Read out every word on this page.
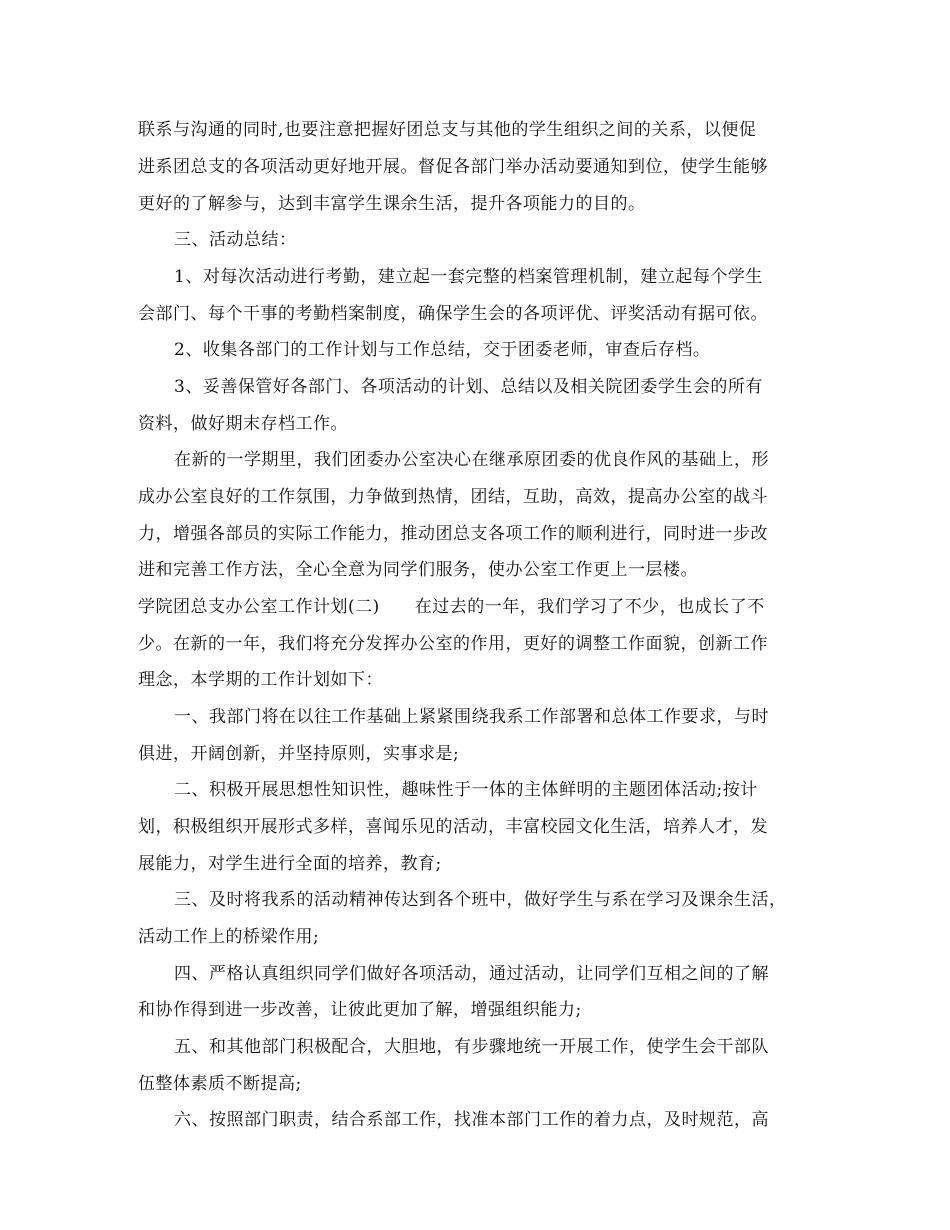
联系与沟通的同时,也要注意把握好团总支与其他的学生组织之间的关系，以便促
进系团总支的各项活动更好地开展。督促各部门举办活动要通知到位，使学生能够
更好的了解参与，达到丰富学生课余生活，提升各项能力的目的。
三、活动总结：
1、对每次活动进行考勤，建立起一套完整的档案管理机制，建立起每个学生
会部门、每个干事的考勤档案制度，确保学生会的各项评优、评奖活动有据可依。
2、收集各部门的工作计划与工作总结，交于团委老师，审查后存档。
3、妥善保管好各部门、各项活动的计划、总结以及相关院团委学生会的所有
资料，做好期末存档工作。
在新的一学期里，我们团委办公室决心在继承原团委的优良作风的基础上，形
成办公室良好的工作氛围，力争做到热情，团结，互助，高效，提高办公室的战斗
力，增强各部员的实际工作能力，推动团总支各项工作的顺利进行，同时进一步改
进和完善工作方法，全心全意为同学们服务，使办公室工作更上一层楼。
学院团总支办公室工作计划(二)　　在过去的一年，我们学习了不少，也成长了不
少。在新的一年，我们将充分发挥办公室的作用，更好的调整工作面貌，创新工作
理念，本学期的工作计划如下：
一、我部门将在以往工作基础上紧紧围绕我系工作部署和总体工作要求，与时
俱进，开阔创新，并坚持原则，实事求是;
二、积极开展思想性知识性，趣味性于一体的主体鲜明的主题团体活动;按计
划，积极组织开展形式多样，喜闻乐见的活动，丰富校园文化生活，培养人才，发
展能力，对学生进行全面的培养，教育;
三、及时将我系的活动精神传达到各个班中，做好学生与系在学习及课余生活，
活动工作上的桥梁作用;
四、严格认真组织同学们做好各项活动，通过活动，让同学们互相之间的了解
和协作得到进一步改善，让彼此更加了解，增强组织能力;
五、和其他部门积极配合，大胆地，有步骤地统一开展工作，使学生会干部队
伍整体素质不断提高;
六、按照部门职责，结合系部工作，找准本部门工作的着力点，及时规范，高
